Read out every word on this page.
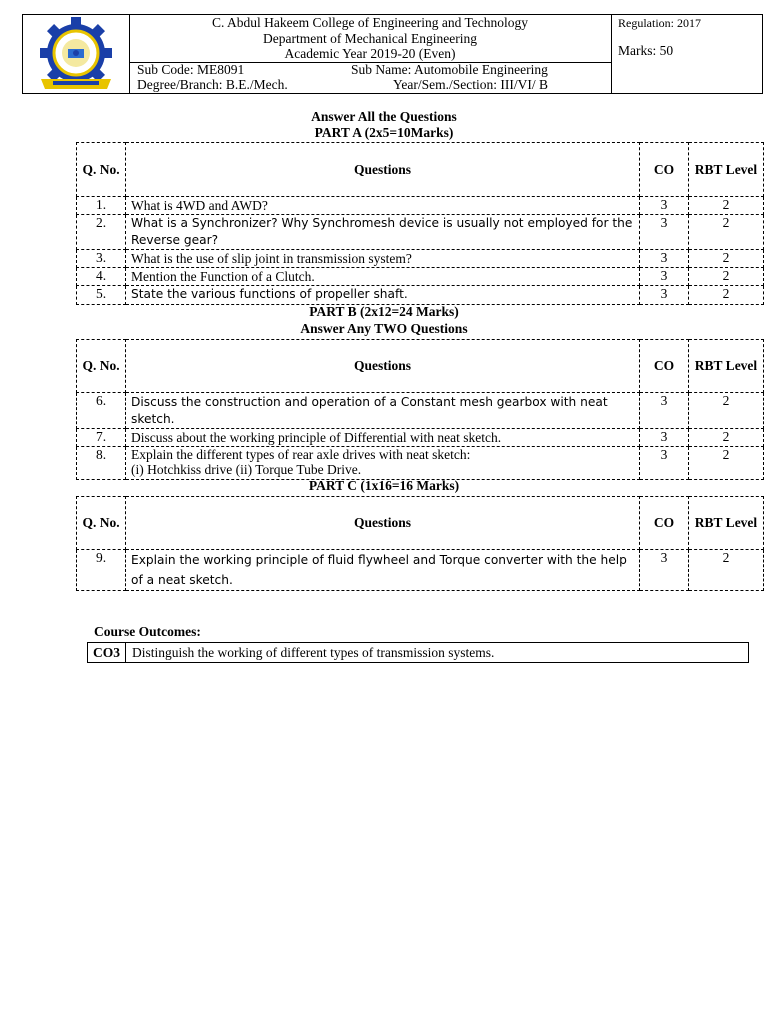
C. Abdul Hakeem College of Engineering and Technology
Department of Mechanical Engineering
Academic Year 2019-20 (Even)
Sub Code: ME8091	Sub Name: Automobile Engineering
Degree/Branch: B.E./Mech.	Year/Sem./Section: III/VI/ B
Regulation: 2017
Marks: 50
Answer All the Questions
PART A (2x5=10Marks)
Q. No.	Questions	CO	RBT Level
1.	What is 4WD and AWD?	3	2
2.	What is a Synchronizer? Why Synchromesh device is usually not employed for the Reverse gear?	3	2
3.	What is the use of slip joint in transmission system?	3	2
4.	Mention the Function of a Clutch.	3	2
5.	State the various functions of propeller shaft.	3	2
PART B (2x12=24 Marks)
Answer Any TWO Questions
Q. No.	Questions	CO	RBT Level
6.	Discuss the construction and operation of a Constant mesh gearbox with neat sketch.	3	2
7.	Discuss about the working principle of Differential with neat sketch.	3	2
8.	Explain the different types of rear axle drives with neat sketch:
(i) Hotchkiss drive (ii) Torque Tube Drive.	3	2
PART C (1x16=16 Marks)
Q. No.	Questions	CO	RBT Level
9.	Explain the working principle of fluid flywheel and Torque converter with the help of a neat sketch.	3	2
Course Outcomes:
CO3 Distinguish the working of different types of transmission systems.
